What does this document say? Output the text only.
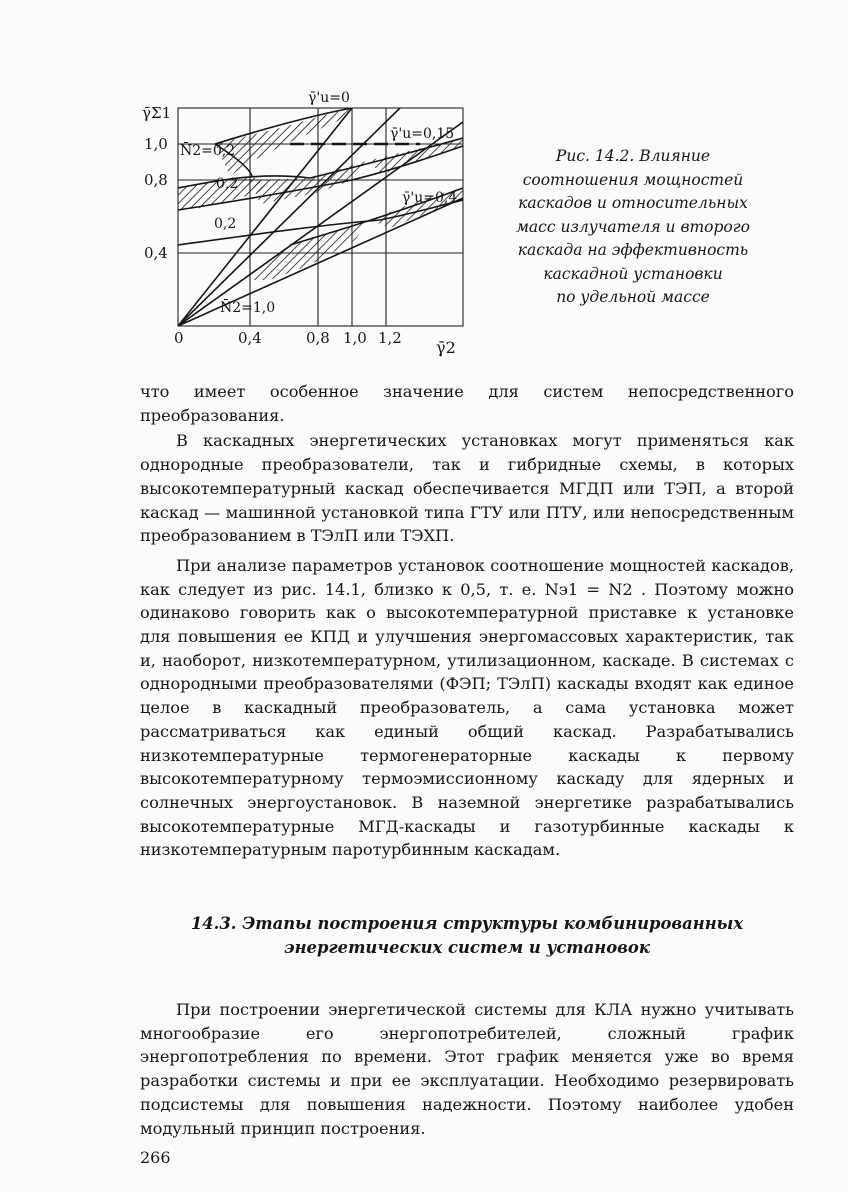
γ̄Σ1
γ̄2
1,0
0,8
0,4
0	0,4	0,8 1,0 1,2
γ̄'u=0
γ̄'u=0,15
γ̄'u=0,4
N̄2=0,2
0,2
0,2
N̄2=1,0
Рис. 14.2. Влияние
соотношения мощностей
каскадов и относительных
масс излучателя и второго
каскада на эффективность
каскадной установки
по удельной массе

что имеет особенное значение для систем непосредственного преобразования.

В каскадных энергетических установках могут применяться как однородные преобразователи, так и гибридные схемы, в которых высокотемпературный каскад обеспечивается МГДП или ТЭП, а второй каскад — машинной установкой типа ГТУ или ПТУ, или непосредственным преобразованием в ТЭлП или ТЭХП.

При анализе параметров установок соотношение мощностей каскадов, как следует из рис. 14.1, близко к 0,5, т. е. Nэ1 = N2 . Поэтому можно одинаково говорить как о высокотемпературной приставке к установке для повышения ее КПД и улучшения энергомассовых характеристик, так и, наоборот, низкотемпературном, утилизационном, каскаде. В системах с однородными преобразователями (ФЭП; ТЭлП) каскады входят как единое целое в каскадный преобразователь, а сама установка может рассматриваться как единый общий каскад. Разрабатывались низкотемпературные термогенераторные каскады к первому высокотемпературному термоэмиссионному каскаду для ядерных и солнечных энергоустановок. В наземной энергетике разрабатывались высокотемпературные МГД-каскады и газотурбинные каскады к низкотемпературным паротурбинным каскадам.

14.3. Этапы построения структуры комбинированных
энергетических систем и установок

При построении энергетической системы для КЛА нужно учитывать многообразие его энергопотребителей, сложный график энергопотребления по времени. Этот график меняется уже во время разработки системы и при ее эксплуатации. Необходимо резервировать подсистемы для повышения надежности. Поэтому наиболее удобен модульный принцип построения.

266
